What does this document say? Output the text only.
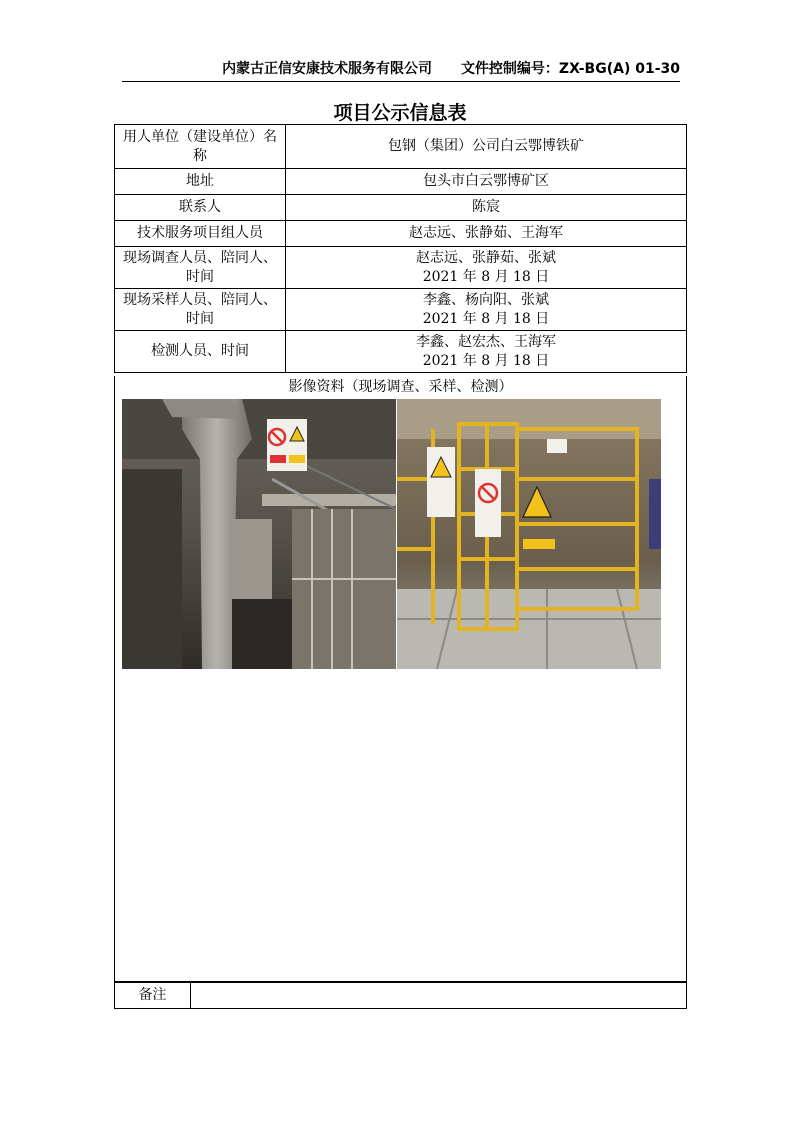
内蒙古正信安康技术服务有限公司 文件控制编号：ZX-BG(A) 01-30
项目公示信息表
用人单位（建设单位）名称	包钢（集团）公司白云鄂博铁矿
地址	包头市白云鄂博矿区
联系人	陈宸
技术服务项目组人员	赵志远、张静茹、王海军
现场调查人员、陪同人、时间	赵志远、张静茹、张斌
2021 年 8 月 18 日

现场采样人员、陪同人、时间	李鑫、杨向阳、张斌
2021 年 8 月 18 日

检测人员、时间	李鑫、赵宏杰、王海军
2021 年 8 月 18 日
影像资料（现场调查、采样、检测）
备注
